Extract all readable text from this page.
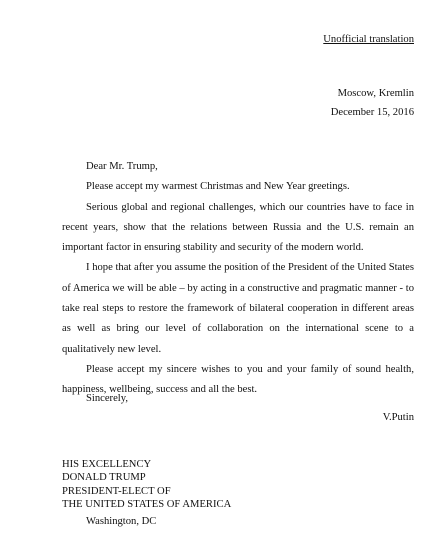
Unofficial translation
Moscow, Kremlin
December 15, 2016

Dear Mr. Trump,

Please accept my warmest Christmas and New Year greetings.

Serious global and regional challenges, which our countries have to face in recent years, show that the relations between Russia and the U.S. remain an important factor in ensuring stability and security of the modern world.

I hope that after you assume the position of the President of the United States of America we will be able – by acting in a constructive and pragmatic manner - to take real steps to restore the framework of bilateral cooperation in different areas as well as bring our level of collaboration on the international scene to a qualitatively new level.

Please accept my sincere wishes to you and your family of sound health, happiness, wellbeing, success and all the best.

Sincerely,
V.Putin
HIS EXCELLENCY
DONALD TRUMP
PRESIDENT-ELECT OF
THE UNITED STATES OF AMERICA
Washington, DC
